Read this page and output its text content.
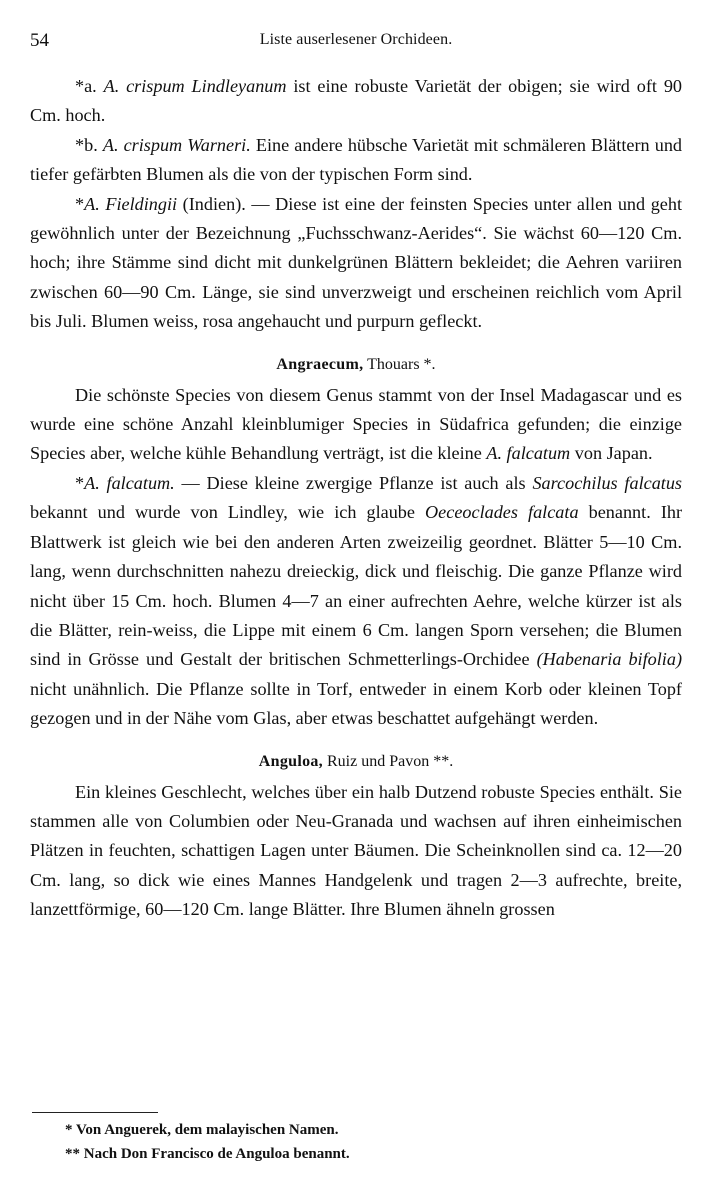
54	Liste auserlesener Orchideen.

*a. A. crispum Lindleyanum ist eine robuste Varietät der obigen; sie wird oft 90 Cm. hoch.

*b. A. crispum Warneri. Eine andere hübsche Varietät mit schmäleren Blättern und tiefer gefärbten Blumen als die von der typischen Form sind.

*A. Fieldingii (Indien). — Diese ist eine der feinsten Species unter allen und geht gewöhnlich unter der Bezeichnung „Fuchsschwanz-Aerides“. Sie wächst 60—120 Cm. hoch; ihre Stämme sind dicht mit dunkelgrünen Blättern bekleidet; die Aehren variiren zwischen 60—90 Cm. Länge, sie sind unverzweigt und erscheinen reichlich vom April bis Juli. Blumen weiss, rosa angehaucht und purpurn gefleckt.

Angraecum, Thouars *.

Die schönste Species von diesem Genus stammt von der Insel Madagascar und es wurde eine schöne Anzahl kleinblumiger Species in Südafrica gefunden; die einzige Species aber, welche kühle Behandlung verträgt, ist die kleine A. falcatum von Japan.

*A. falcatum. — Diese kleine zwergige Pflanze ist auch als Sarcochilus falcatus bekannt und wurde von Lindley, wie ich glaube Oeceoclades falcata benannt. Ihr Blattwerk ist gleich wie bei den anderen Arten zweizeilig geordnet. Blätter 5—10 Cm. lang, wenn durchschnitten nahezu dreieckig, dick und fleischig. Die ganze Pflanze wird nicht über 15 Cm. hoch. Blumen 4—7 an einer aufrechten Aehre, welche kürzer ist als die Blätter, rein-weiss, die Lippe mit einem 6 Cm. langen Sporn versehen; die Blumen sind in Grösse und Gestalt der britischen Schmetterlings-Orchidee (Habenaria bifolia) nicht unähnlich. Die Pflanze sollte in Torf, entweder in einem Korb oder kleinen Topf gezogen und in der Nähe vom Glas, aber etwas beschattet aufgehängt werden.

Anguloa, Ruiz und Pavon **.

Ein kleines Geschlecht, welches über ein halb Dutzend robuste Species enthält. Sie stammen alle von Columbien oder Neu-Granada und wachsen auf ihren einheimischen Plätzen in feuchten, schattigen Lagen unter Bäumen. Die Scheinknollen sind ca. 12—20 Cm. lang, so dick wie eines Mannes Handgelenk und tragen 2—3 aufrechte, breite, lanzettförmige, 60—120 Cm. lange Blätter. Ihre Blumen ähneln grossen

* Von Anguerek, dem malayischen Namen.

** Nach Don Francisco de Anguloa benannt.
